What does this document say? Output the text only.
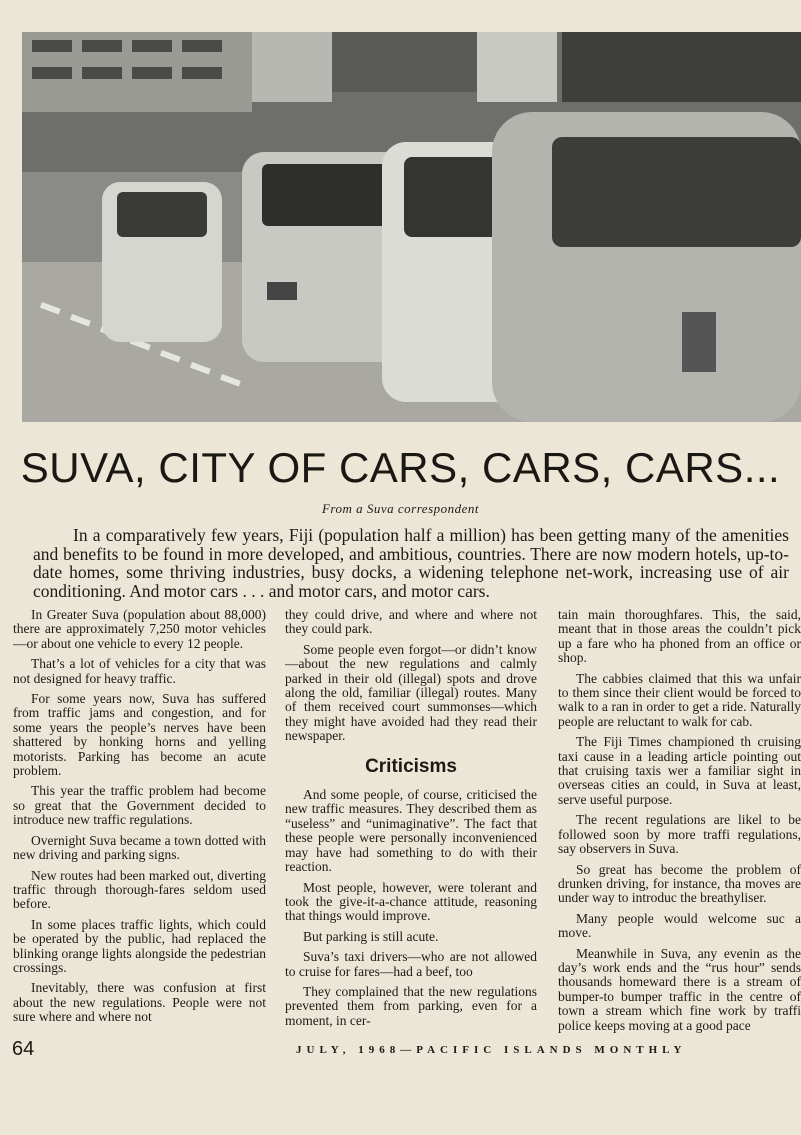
SUVA, CITY OF CARS, CARS, CARS...

From a Suva correspondent

In a comparatively few years, Fiji (population half a million) has been getting many of the amenities and benefits to be found in more developed, and ambitious, countries. There are now modern hotels, up-to-date homes, some thriving industries, busy docks, a widening telephone net-work, increasing use of air conditioning. And motor cars . . . and motor cars, and motor cars.

In Greater Suva (population about 88,000) there are approximately 7,250 motor vehicles—or about one vehicle to every 12 people.

That’s a lot of vehicles for a city that was not designed for heavy traffic.

For some years now, Suva has suffered from traffic jams and congestion, and for some years the people’s nerves have been shattered by honking horns and yelling motorists. Parking has become an acute problem.

This year the traffic problem had become so great that the Government decided to introduce new traffic regulations.

Overnight Suva became a town dotted with new driving and parking signs.

New routes had been marked out, diverting traffic through thorough-fares seldom used before.

In some places traffic lights, which could be operated by the public, had replaced the blinking orange lights alongside the pedestrian crossings.

Inevitably, there was confusion at first about the new regulations. People were not sure where and where not

they could drive, and where and where not they could park.

Some people even forgot—or didn’t know—about the new regulations and calmly parked in their old (illegal) spots and drove along the old, familiar (illegal) routes. Many of them received court summonses—which they might have avoided had they read their newspaper.

Criticisms

And some people, of course, criticised the new traffic measures. They described them as “useless” and “unimaginative”. The fact that these people were personally inconvenienced may have had something to do with their reaction.

Most people, however, were tolerant and took the give-it-a-chance attitude, reasoning that things would improve.

But parking is still acute.

Suva’s taxi drivers—who are not allowed to cruise for fares—had a beef, too

They complained that the new regulations prevented them from parking, even for a moment, in cer-

tain main thoroughfares. This, the said, meant that in those areas the couldn’t pick up a fare who ha phoned from an office or shop.

The cabbies claimed that this wa unfair to them since their client would be forced to walk to a ran in order to get a ride. Naturally people are reluctant to walk for cab.

The Fiji Times championed th cruising taxi cause in a leading article pointing out that cruising taxis wer a familiar sight in overseas cities an could, in Suva at least, serve useful purpose.

The recent regulations are likel to be followed soon by more traffi regulations, say observers in Suva.

So great has become the problem of drunken driving, for instance, tha moves are under way to introduc the breathyliser.

Many people would welcome suc a move.

Meanwhile in Suva, any evenin as the day’s work ends and the “rus hour” sends thousands homeward there is a stream of bumper-to bumper traffic in the centre of town a stream which fine work by traffi police keeps moving at a good pace

64	JULY, 1968—PACIFIC ISLANDS MONTHLY
